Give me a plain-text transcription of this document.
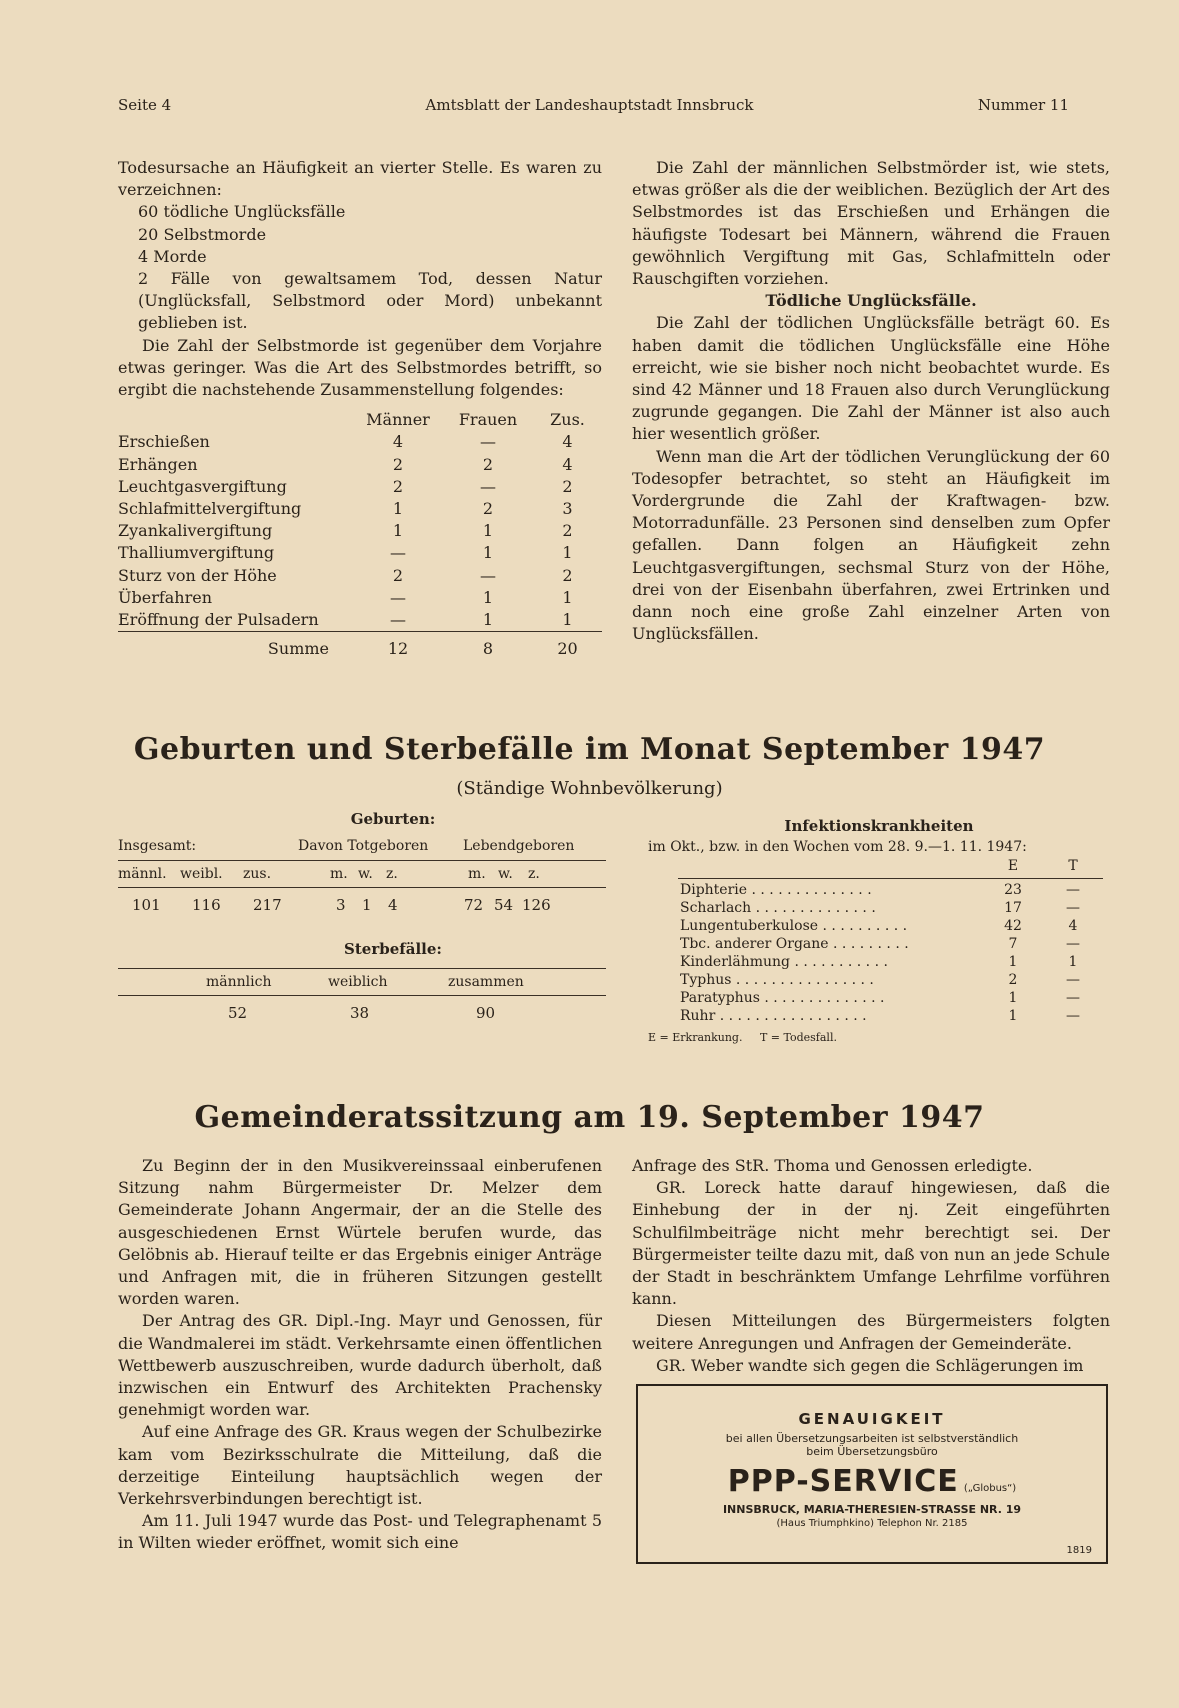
Seite 4	Amtsblatt der Landeshauptstadt Innsbruck	Nummer 11

Todesursache an Häufigkeit an vierter Stelle. Es waren zu verzeichnen:

60 tödliche Unglücksfälle

20 Selbstmorde

4 Morde

2 Fälle von gewaltsamem Tod, dessen Natur (Unglücksfall, Selbstmord oder Mord) unbekannt geblieben ist.

Die Zahl der Selbstmorde ist gegenüber dem Vorjahre etwas geringer. Was die Art des Selbstmordes betrifft, so ergibt die nachstehende Zusammenstellung folgendes:

	Männer	Frauen	Zus.
Erschießen	4	—	4
Erhängen	2	2	4
Leuchtgasvergiftung	2	—	2
Schlafmittelvergiftung	1	2	3
Zyankalivergiftung	1	1	2
Thalliumvergiftung	—	1	1
Sturz von der Höhe	2	—	2
Überfahren	—	1	1
Eröffnung der Pulsadern	—	1	1
Summe	12	8	20

Die Zahl der männlichen Selbstmörder ist, wie stets, etwas größer als die der weiblichen. Bezüglich der Art des Selbstmordes ist das Erschießen und Erhängen die häufigste Todesart bei Männern, während die Frauen gewöhnlich Vergiftung mit Gas, Schlafmitteln oder Rauschgiften vorziehen.

Tödliche Unglücksfälle.

Die Zahl der tödlichen Unglücksfälle beträgt 60. Es haben damit die tödlichen Unglücksfälle eine Höhe erreicht, wie sie bisher noch nicht beobachtet wurde. Es sind 42 Männer und 18 Frauen also durch Verunglückung zugrunde gegangen. Die Zahl der Männer ist also auch hier wesentlich größer.

Wenn man die Art der tödlichen Verunglückung der 60 Todesopfer betrachtet, so steht an Häufigkeit im Vordergrunde die Zahl der Kraftwagen- bzw. Motorradunfälle. 23 Personen sind denselben zum Opfer gefallen. Dann folgen an Häufigkeit zehn Leuchtgasvergiftungen, sechsmal Sturz von der Höhe, drei von der Eisenbahn überfahren, zwei Ertrinken und dann noch eine große Zahl einzelner Arten von Unglücksfällen.

Geburten und Sterbefälle im Monat September 1947
(Ständige Wohnbevölkerung)
Geburten:
Insgesamt:	Davon Totgeboren Lebendgeboren
männl. weibl. zus.	m. w. z.	m. w. z.
101 116 217	3 1 4	72 54 126
Sterbefälle:
männlich	weiblich	zusammen
52	38	90
Infektionskrankheiten
im Okt., bzw. in den Wochen vom 28. 9.—1. 11. 1947:
	E	T

Diphterie . . . . . . . . . . . . . .	23	—
Scharlach . . . . . . . . . . . . . .	17	—
Lungentuberkulose . . . . . . . . . .	42	4
Tbc. anderer Organe . . . . . . . . .	7	—
Kinderlähmung . . . . . . . . . . .	1	1
Typhus . . . . . . . . . . . . . . . .	2	—
Paratyphus . . . . . . . . . . . . . .	1	—
Ruhr . . . . . . . . . . . . . . . . .	1	—
E = Erkrankung.     T = Todesfall.
Gemeinderatssitzung am 19. September 1947

Zu Beginn der in den Musikvereinssaal einberufenen Sitzung nahm Bürgermeister Dr. Melzer dem Gemeinderate Johann Angermair, der an die Stelle des ausgeschiedenen Ernst Würtele berufen wurde, das Gelöbnis ab. Hierauf teilte er das Ergebnis einiger Anträge und Anfragen mit, die in früheren Sitzungen gestellt worden waren.

Der Antrag des GR. Dipl.-Ing. Mayr und Genossen, für die Wandmalerei im städt. Verkehrsamte einen öffentlichen Wettbewerb auszuschreiben, wurde dadurch überholt, daß inzwischen ein Entwurf des Architekten Prachensky genehmigt worden war.

Auf eine Anfrage des GR. Kraus wegen der Schulbezirke kam vom Bezirksschulrate die Mitteilung, daß die derzeitige Einteilung hauptsächlich wegen der Verkehrsverbindungen berechtigt ist.

Am 11. Juli 1947 wurde das Post- und Telegraphenamt 5 in Wilten wieder eröffnet, womit sich eine

Anfrage des StR. Thoma und Genossen erledigte.

GR. Loreck hatte darauf hingewiesen, daß die Einhebung der in der nj. Zeit eingeführten Schulfilmbeiträge nicht mehr berechtigt sei. Der Bürgermeister teilte dazu mit, daß von nun an jede Schule der Stadt in beschränktem Umfange Lehrfilme vorführen kann.

Diesen Mitteilungen des Bürgermeisters folgten weitere Anregungen und Anfragen der Gemeinderäte.

GR. Weber wandte sich gegen die Schlägerungen im

GENAUIGKEIT
bei allen Übersetzungsarbeiten ist selbstverständlich
beim Übersetzungsbüro
PPP-SERVICE („Globus“)
INNSBRUCK, MARIA-THERESIEN-STRASSE NR. 19
(Haus Triumphkino) Telephon Nr. 2185
1819
